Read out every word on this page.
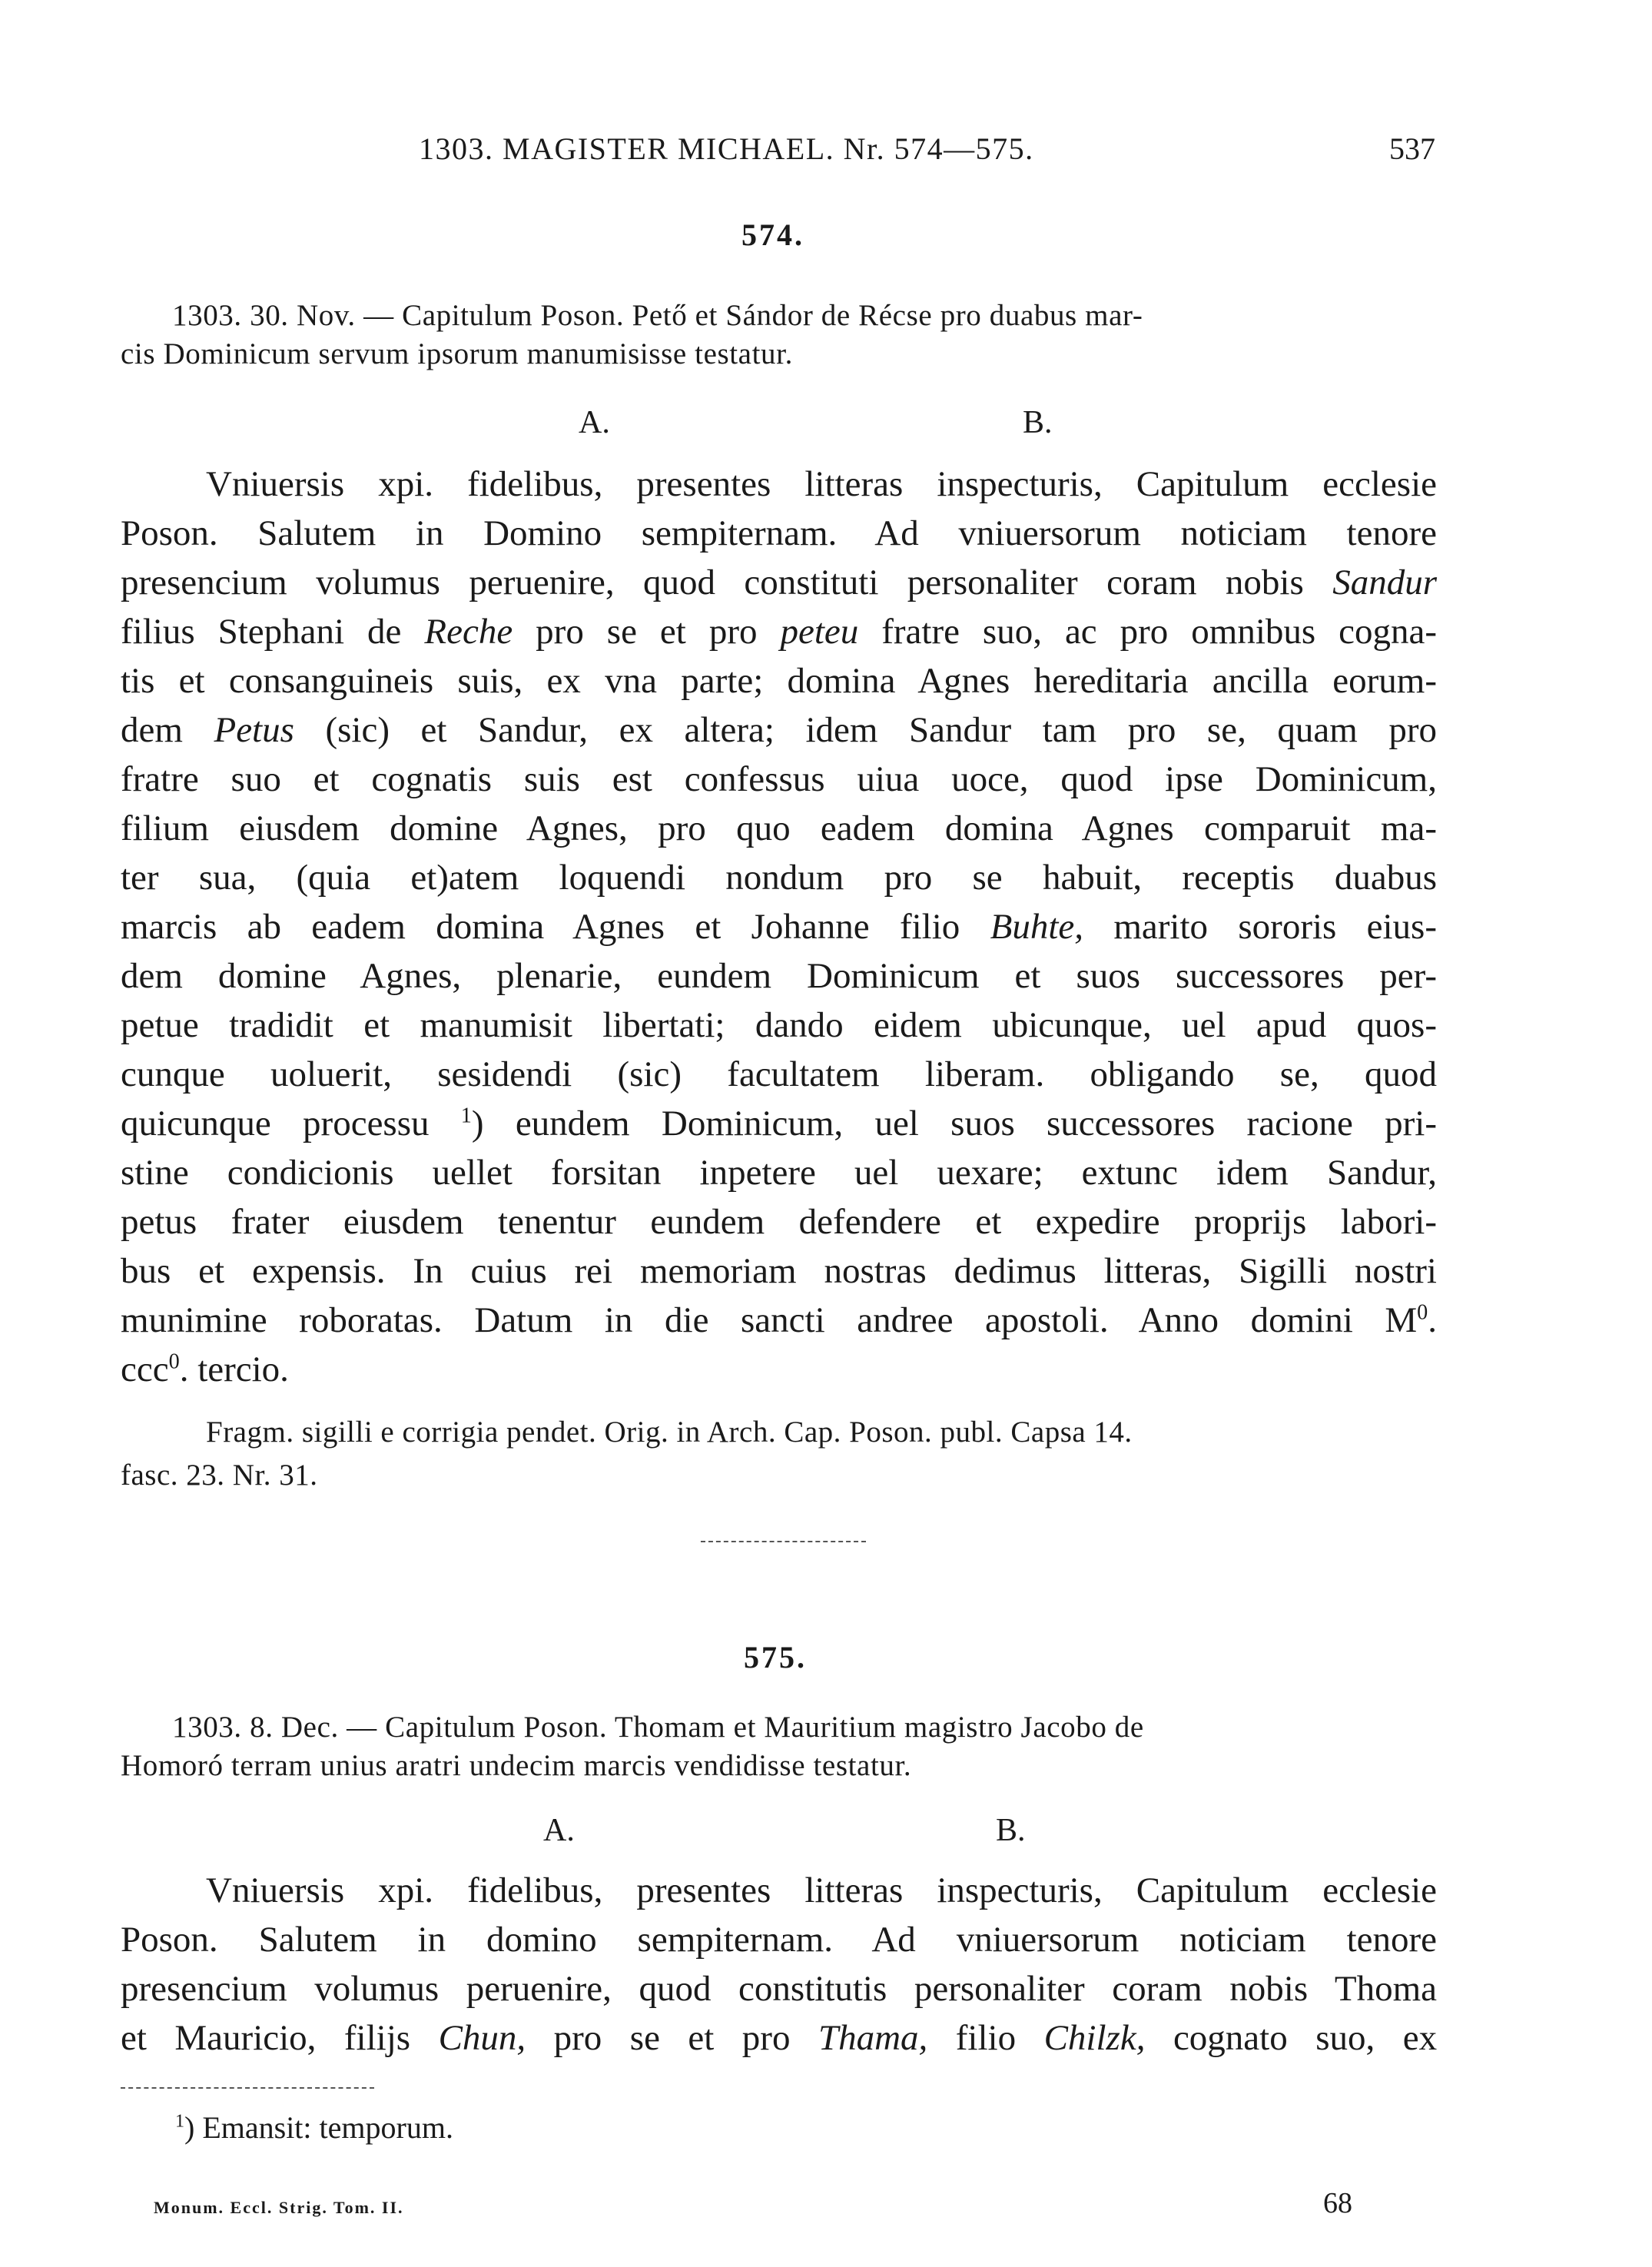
1303. MAGISTER MICHAEL. Nr. 574—575.	537
574.
1303. 30. Nov. — Capitulum Poson. Pető et Sándor de Récse pro duabus mar-
cis Dominicum servum ipsorum manumisisse testatur.
A.	B.
Vniuersis xpi. fidelibus, presentes litteras inspecturis, Capitulum ecclesie
Poson. Salutem in Domino sempiternam. Ad vniuersorum noticiam tenore
presencium volumus peruenire, quod constituti personaliter coram nobis Sandur
filius Stephani de Reche pro se et pro peteu fratre suo, ac pro omnibus cogna-
tis et consanguineis suis, ex vna parte; domina Agnes hereditaria ancilla eorum-
dem Petus (sic) et Sandur, ex altera; idem Sandur tam pro se, quam pro
fratre suo et cognatis suis est confessus uiua uoce, quod ipse Dominicum,
filium eiusdem domine Agnes, pro quo eadem domina Agnes comparuit ma-
ter sua, (quia et)atem loquendi nondum pro se habuit, receptis duabus
marcis ab eadem domina Agnes et Johanne filio Buhte, marito sororis eius-
dem domine Agnes, plenarie, eundem Dominicum et suos successores per-
petue tradidit et manumisit libertati; dando eidem ubicunque, uel apud quos-
cunque uoluerit, sesidendi (sic) facultatem liberam. obligando se, quod
quicunque processu $^1$) eundem Dominicum, uel suos successores racione pri-
stine condicionis uellet forsitan inpetere uel uexare; extunc idem Sandur,
petus frater eiusdem tenentur eundem defendere et expedire proprijs labori-
bus et expensis. In cuius rei memoriam nostras dedimus litteras, Sigilli nostri
munimine roboratas. Datum in die sancti andree apostoli. Anno domini $M^0$.
ccc$^0$. tercio.
Fragm. sigilli e corrigia pendet. Orig. in Arch. Cap. Poson. publ. Capsa 14.
fasc. 23. Nr. 31.
575.
1303. 8. Dec. — Capitulum Poson. Thomam et Mauritium magistro Jacobo de
Homoró terram unius aratri undecim marcis vendidisse testatur.
A.	B.
Vniuersis xpi. fidelibus, presentes litteras inspecturis, Capitulum ecclesie
Poson. Salutem in domino sempiternam. Ad vniuersorum noticiam tenore
presencium volumus peruenire, quod constitutis personaliter coram nobis Thoma
et Mauricio, filijs Chun, pro se et pro Thama, filio Chilzk, cognato suo, ex
$^1$) Emansit: temporum.
Monum. Eccl. Strig. Tom. II.	68
